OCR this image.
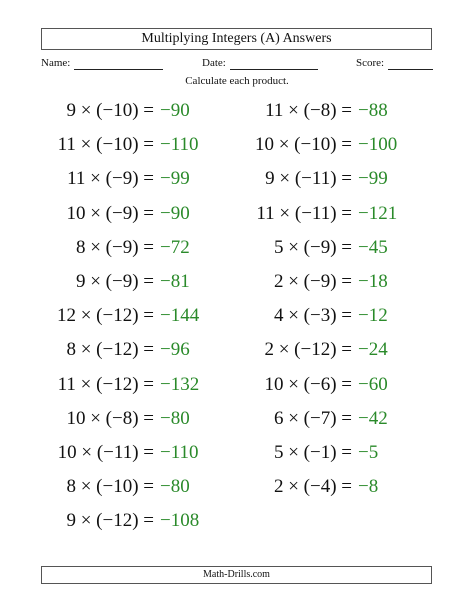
Multiplying Integers (A) Answers
Name:	Date:	Score:
Calculate each product.
9 × (−10) = −90
11 × (−10) = −110
11 × (−9) = −99
10 × (−9) = −90
8 × (−9) = −72
9 × (−9) = −81
12 × (−12) = −144
8 × (−12) = −96
11 × (−12) = −132
10 × (−8) = −80
10 × (−11) = −110
8 × (−10) = −80
9 × (−12) = −108
11 × (−8) = −88
10 × (−10) = −100
9 × (−11) = −99
11 × (−11) = −121
5 × (−9) = −45
2 × (−9) = −18
4 × (−3) = −12
2 × (−12) = −24
10 × (−6) = −60
6 × (−7) = −42
5 × (−1) = −5
2 × (−4) = −8
Math-Drills.com
